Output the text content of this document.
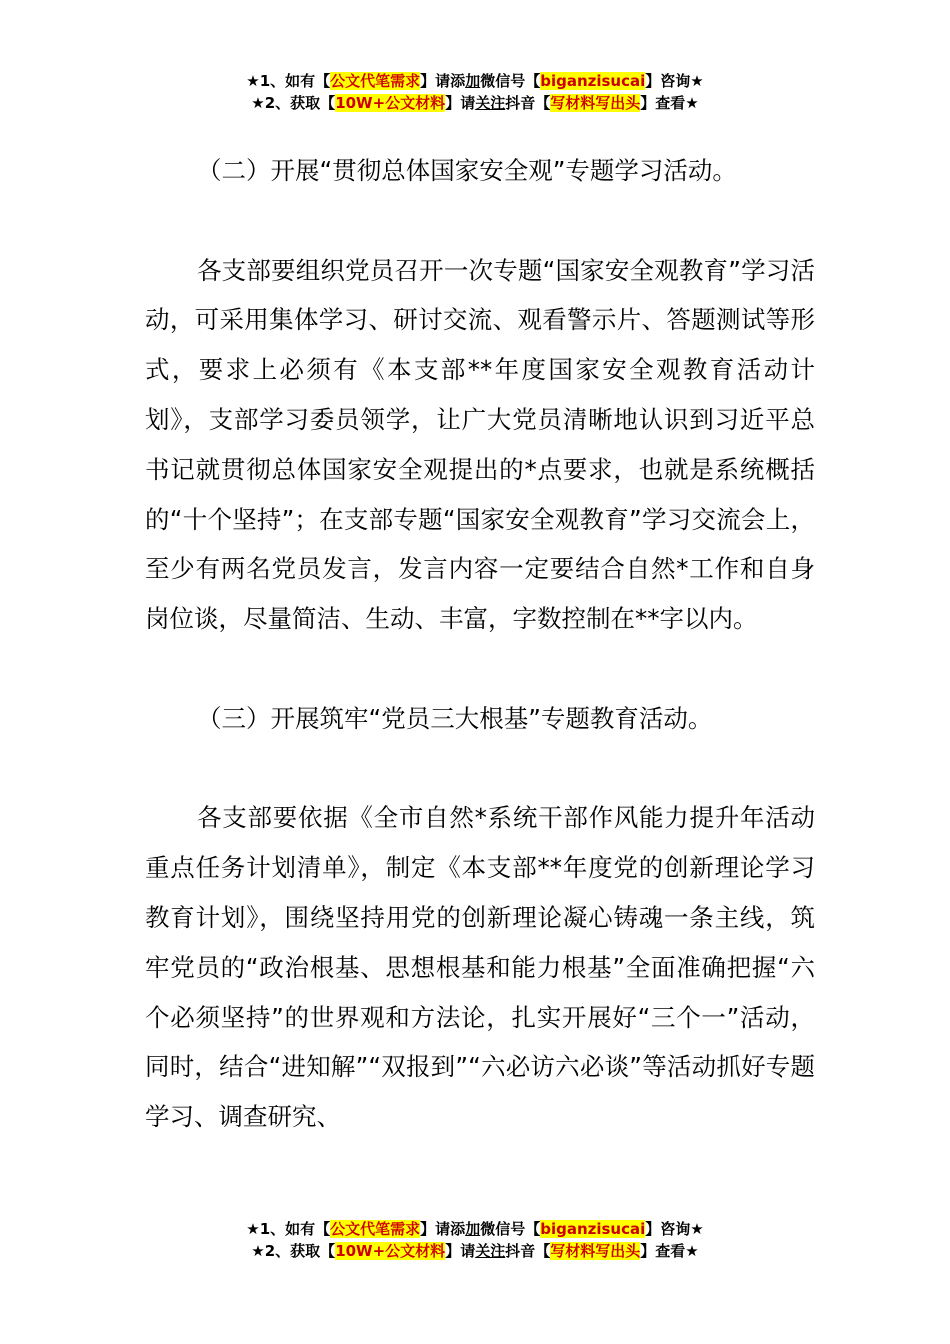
★1、如有【公文代笔需求】请添加微信号【biganzisucai】咨询★
★2、获取【10W+公文材料】请关注抖音【写材料写出头】查看★

（二）开展“贯彻总体国家安全观”专题学习活动。

各支部要组织党员召开一次专题“国家安全观教育”学习活动，可采用集体学习、研讨交流、观看警示片、答题测试等形式，要求上必须有《本支部**年度国家安全观教育活动计划》，支部学习委员领学，让广大党员清晰地认识到习近平总书记就贯彻总体国家安全观提出的*点要求，也就是系统概括的“十个坚持”；在支部专题“国家安全观教育”学习交流会上，至少有两名党员发言，发言内容一定要结合自然*工作和自身岗位谈，尽量简洁、生动、丰富，字数控制在**字以内。

（三）开展筑牢“党员三大根基”专题教育活动。

各支部要依据《全市自然*系统干部作风能力提升年活动重点任务计划清单》，制定《本支部**年度党的创新理论学习教育计划》，围绕坚持用党的创新理论凝心铸魂一条主线，筑牢党员的“政治根基、思想根基和能力根基”全面准确把握“六个必须坚持”的世界观和方法论，扎实开展好“三个一”活动，同时，结合“进知解”“双报到”“六必访六必谈”等活动抓好专题学习、调查研究、

★1、如有【公文代笔需求】请添加微信号【biganzisucai】咨询★
★2、获取【10W+公文材料】请关注抖音【写材料写出头】查看★
